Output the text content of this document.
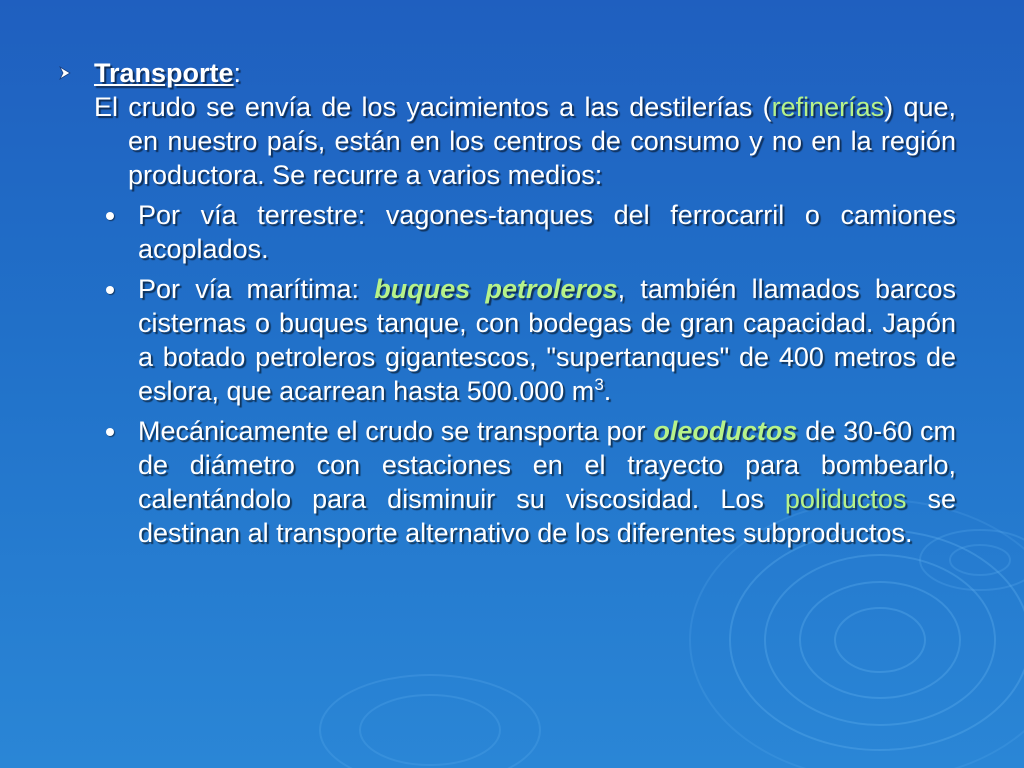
Transporte:
El crudo se envía de los yacimientos a las destilerías (refinerías) que, en nuestro país, están en los centros de consumo y no en la región productora. Se recurre a varios medios:
Por vía terrestre: vagones-tanques del ferrocarril o camiones acoplados.
Por vía marítima: buques petroleros, también llamados barcos cisternas o buques tanque, con bodegas de gran capacidad. Japón a botado petroleros gigantescos, "supertanques" de 400 metros de eslora, que acarrean hasta 500.000 $m^3$.
Mecánicamente el crudo se transporta por oleoductos de 30-60 cm de diámetro con estaciones en el trayecto para bombearlo, calentándolo para disminuir su viscosidad. Los poliductos se destinan al transporte alternativo de los diferentes subproductos.
